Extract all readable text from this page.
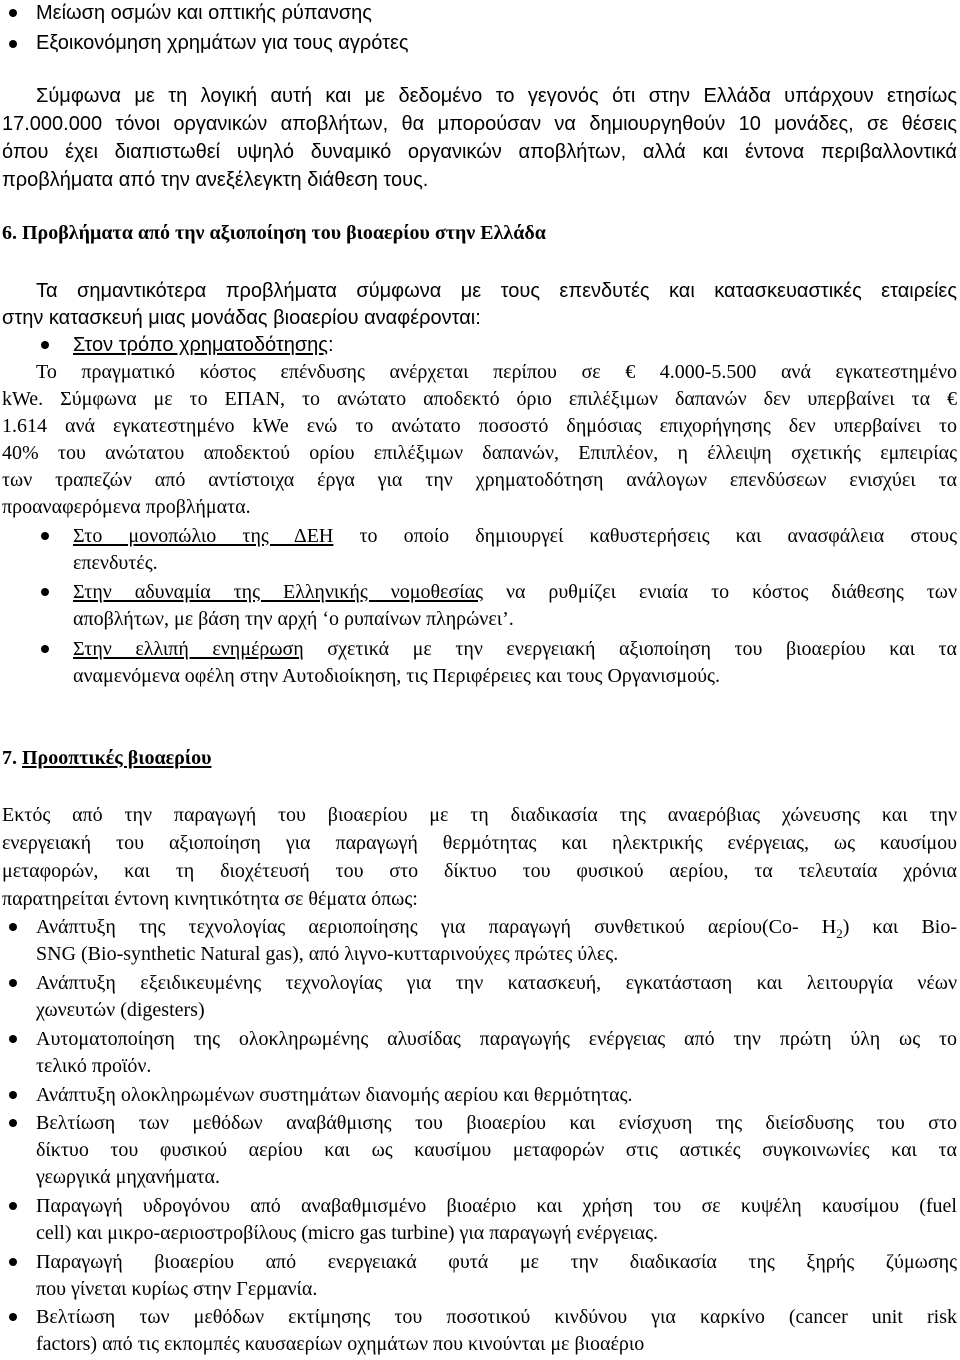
Μείωση οσμών και οπτικής ρύπανσης
Εξοικονόμηση χρημάτων για τους αγρότες
Σύμφωνα με τη λογική αυτή και με δεδομένο το γεγονός ότι στην Ελλάδα υπάρχουν ετησίως
17.000.000 τόνοι οργανικών αποβλήτων, θα μπορούσαν να δημιουργηθούν 10 μονάδες, σε θέσεις
όπου έχει διαπιστωθεί υψηλό δυναμικό οργανικών αποβλήτων, αλλά και έντονα περιβαλλοντικά
προβλήματα από την ανεξέλεγκτη διάθεση τους.
6. Προβλήματα από την αξιοποίηση του βιοαερίου στην Ελλάδα
Τα σημαντικότερα προβλήματα σύμφωνα με τους επενδυτές και κατασκευαστικές εταιρείες
στην κατασκευή μιας μονάδας βιοαερίου αναφέρονται:
Στον τρόπο χρηματοδότησης:
Το πραγματικό κόστος επένδυσης ανέρχεται περίπου σε € 4.000-5.500 ανά εγκατεστημένο
kWe. Σύμφωνα με το ΕΠΑΝ, το ανώτατο αποδεκτό όριο επιλέξιμων δαπανών δεν υπερβαίνει τα €
1.614 ανά εγκατεστημένο kWe ενώ το ανώτατο ποσοστό δημόσιας επιχορήγησης δεν υπερβαίνει το
40% του ανώτατου αποδεκτού ορίου επιλέξιμων δαπανών, Επιπλέον, η έλλειψη σχετικής εμπειρίας
των τραπεζών από αντίστοιχα έργα για την χρηματοδότηση ανάλογων επενδύσεων ενισχύει τα
προαναφερόμενα προβλήματα.
Στο μονοπώλιο της ΔΕΗ το οποίο δημιουργεί καθυστερήσεις και ανασφάλεια στους
επενδυτές.
Στην αδυναμία της Ελληνικής νομοθεσίας να ρυθμίζει ενιαία το κόστος διάθεσης των
αποβλήτων, με βάση την αρχή ‘ο ρυπαίνων πληρώνει’.
Στην ελλιπή ενημέρωση σχετικά με την ενεργειακή αξιοποίηση του βιοαερίου και τα
αναμενόμενα οφέλη στην Αυτοδιοίκηση, τις Περιφέρειες και τους Οργανισμούς.
7. Προοπτικές βιοαερίου
Εκτός από την παραγωγή του βιοαερίου με τη διαδικασία της αναερόβιας χώνευσης και την
ενεργειακή του αξιοποίηση για παραγωγή θερμότητας και ηλεκτρικής ενέργειας, ως καυσίμου
μεταφορών, και τη διοχέτευσή του στο δίκτυο του φυσικού αερίου, τα τελευταία χρόνια
παρατηρείται έντονη κινητικότητα σε θέματα όπως:
Ανάπτυξη της τεχνολογίας αεριοποίησης για παραγωγή συνθετικού αερίου(Co- $H_2$) και Bio-
SNG (Bio-synthetic Natural gas), από λιγνο-κυτταρινούχες πρώτες ύλες.
Ανάπτυξη εξειδικευμένης τεχνολογίας για την κατασκευή, εγκατάσταση και λειτουργία νέων
χωνευτών (digesters)
Αυτοματοποίηση της ολοκληρωμένης αλυσίδας παραγωγής ενέργειας από την πρώτη ύλη ως το
τελικό προϊόν.
Ανάπτυξη ολοκληρωμένων συστημάτων διανομής αερίου και θερμότητας.
Βελτίωση των μεθόδων αναβάθμισης του βιοαερίου και ενίσχυση της διείσδυσης του στο
δίκτυο του φυσικού αερίου και ως καυσίμου μεταφορών στις αστικές συγκοινωνίες και τα
γεωργικά μηχανήματα.
Παραγωγή υδρογόνου από αναβαθμισμένο βιοαέριο και χρήση του σε κυψέλη καυσίμου (fuel
cell) και μικρο-αεριοστροβίλους (micro gas turbine) για παραγωγή ενέργειας.
Παραγωγή βιοαερίου από ενεργειακά φυτά με την διαδικασία της ξηρής ζύμωσης
που γίνεται κυρίως στην Γερμανία.
Βελτίωση των μεθόδων εκτίμησης του ποσοτικού κινδύνου για καρκίνο (cancer unit risk
factors) από τις εκπομπές καυσαερίων οχημάτων που κινούνται με βιοαέριο
